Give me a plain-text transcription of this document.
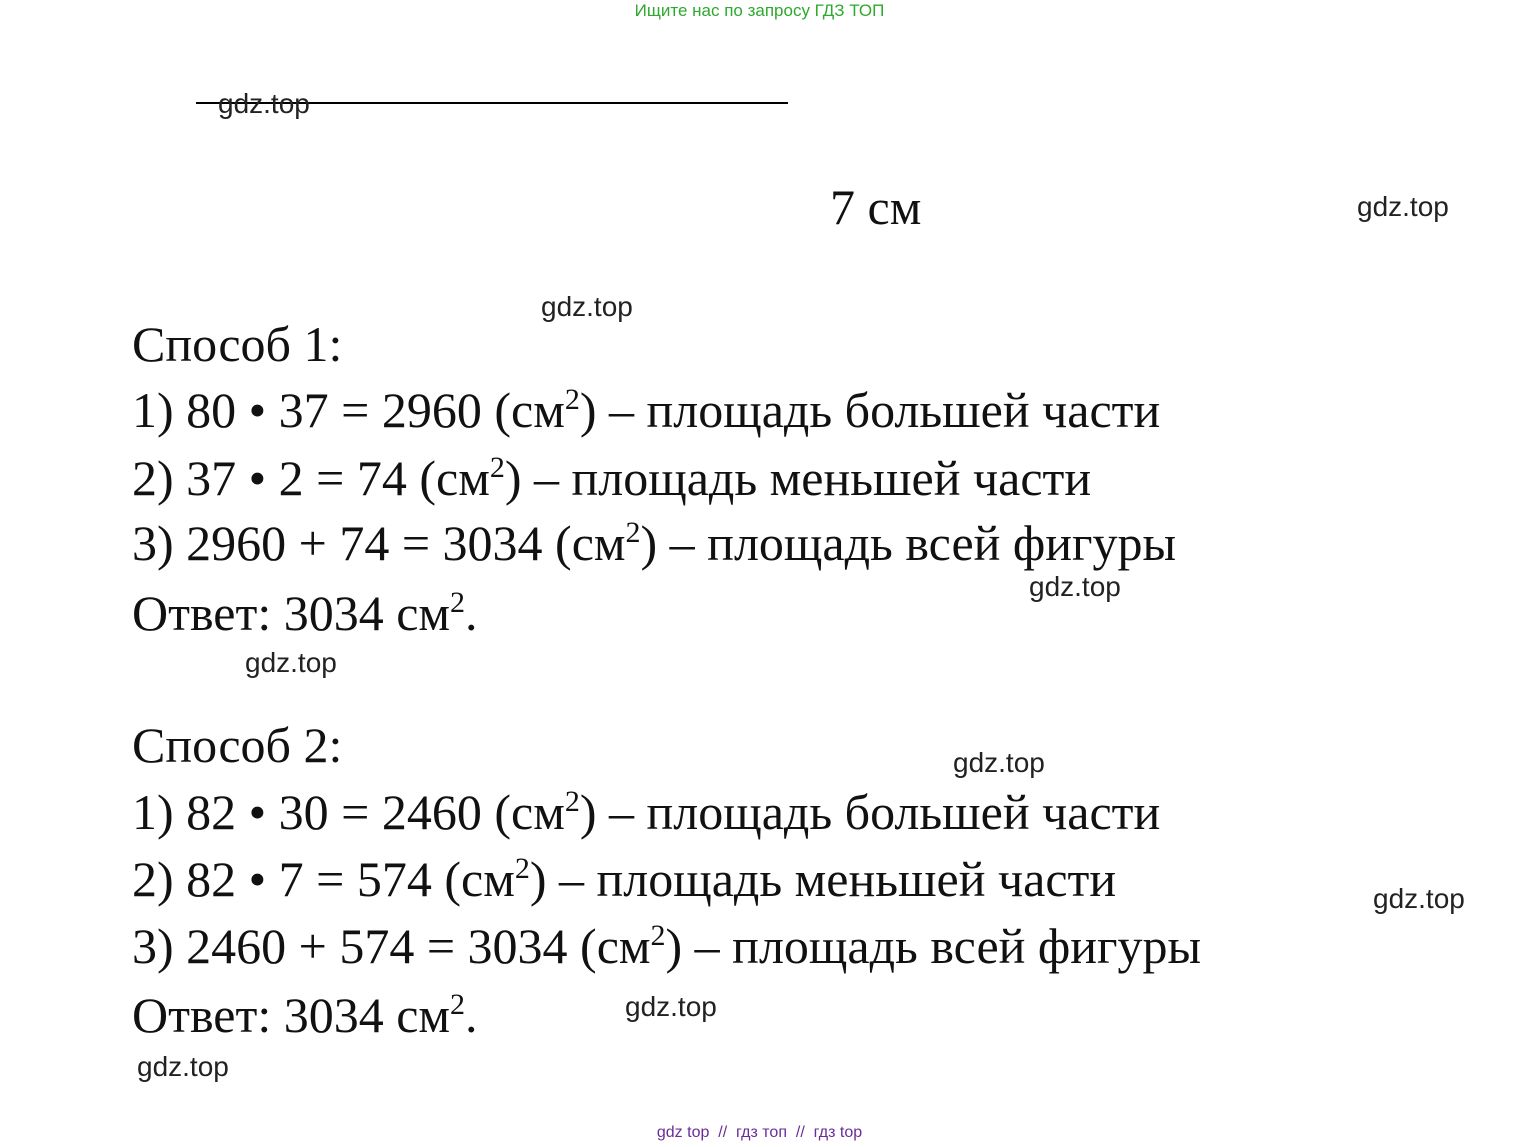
Ищите нас по запросу ГДЗ ТОП
gdz.top
7 см	gdz.top
gdz.top
Способ 1:
1) 80 • 37 = 2960 $(см^2)$ – площадь большей части
2) 37 • 2 = 74 $(см^2)$ – площадь меньшей части
3) 2960 + 74 = 3034 $(см^2)$ – площадь всей фигуры
gdz.top
Ответ: 3034 $см^2$.
gdz.top
Способ 2:	gdz.top
1) 82 • 30 = 2460 $(см^2)$ – площадь большей части
2) 82 • 7 = 574 $(см^2)$ – площадь меньшей части	gdz.top
3) 2460 + 574 = 3034 $(см^2)$ – площадь всей фигуры
Ответ: 3034 $см^2$.	gdz.top
gdz.top
gdz top  //  гдз топ  //  гдз top
